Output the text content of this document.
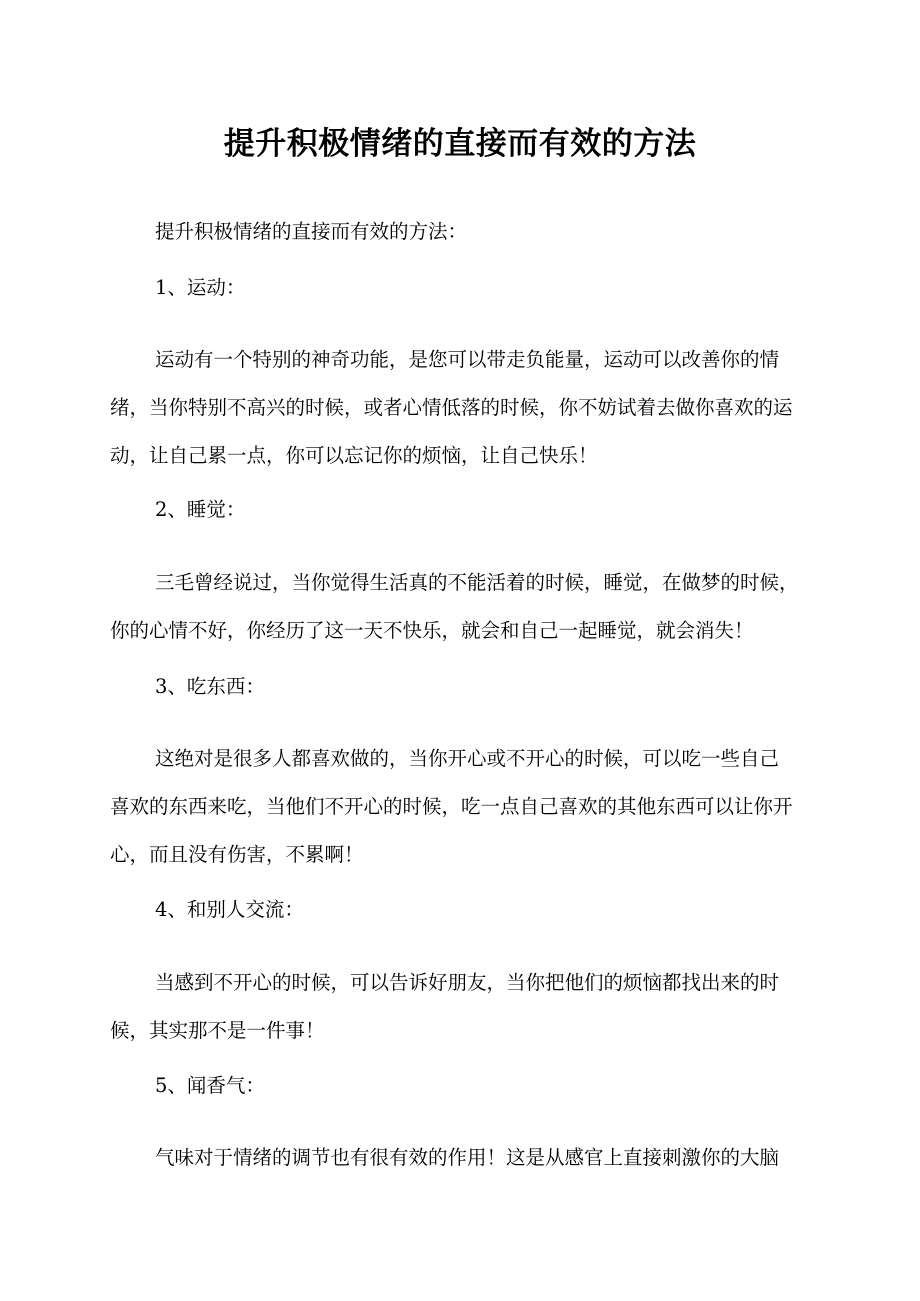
提升积极情绪的直接而有效的方法
提升积极情绪的直接而有效的方法：
1、运动：
运动有一个特别的神奇功能，是您可以带走负能量，运动可以改善你的情
绪，当你特别不高兴的时候，或者心情低落的时候，你不妨试着去做你喜欢的运
动，让自己累一点，你可以忘记你的烦恼，让自己快乐！
2、睡觉：
三毛曾经说过，当你觉得生活真的不能活着的时候，睡觉，在做梦的时候，
你的心情不好，你经历了这一天不快乐，就会和自己一起睡觉，就会消失！
3、吃东西：
这绝对是很多人都喜欢做的，当你开心或不开心的时候，可以吃一些自己
喜欢的东西来吃，当他们不开心的时候，吃一点自己喜欢的其他东西可以让你开
心，而且没有伤害，不累啊！
4、和别人交流：
当感到不开心的时候，可以告诉好朋友，当你把他们的烦恼都找出来的时
候，其实那不是一件事！
5、闻香气：
气味对于情绪的调节也有很有效的作用！这是从感官上直接刺激你的大脑
